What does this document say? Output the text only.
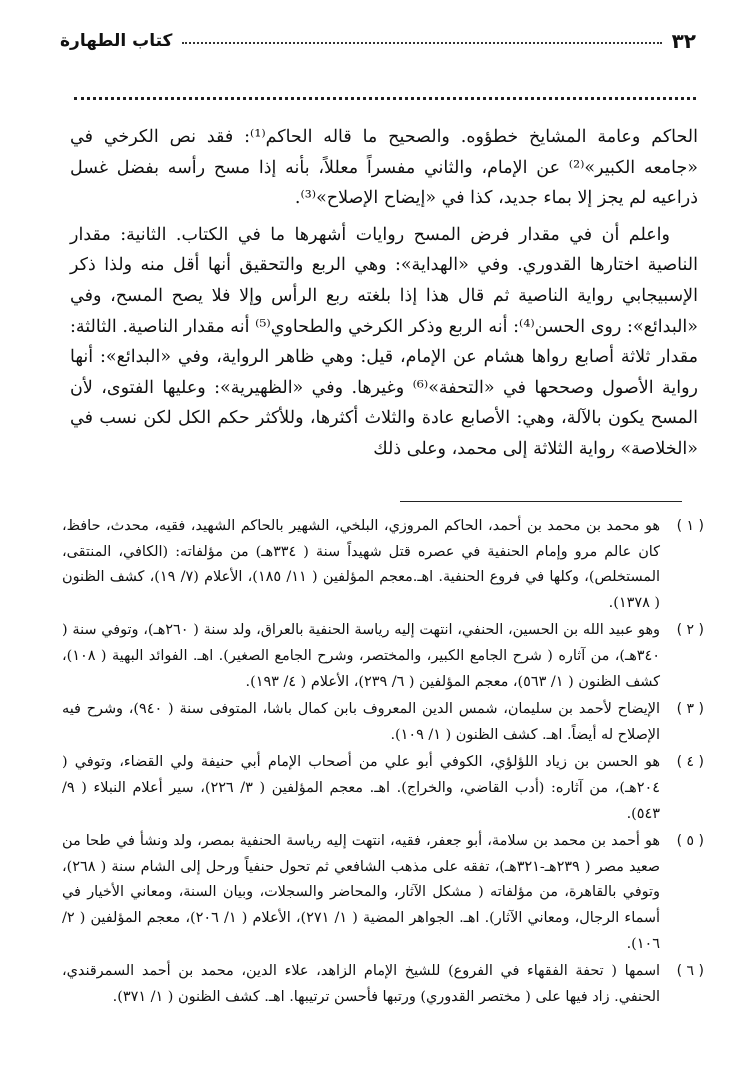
٣٢
كتاب الطهارة

الحاكم وعامة المشايخ خطؤوه. والصحيح ما قاله الحاكم⁽¹⁾: فقد نص الكرخي في «جامعه الكبير»⁽²⁾ عن الإمام، والثاني مفسراً معللاً، بأنه إذا مسح رأسه بفضل غسل ذراعيه لم يجز إلا بماء جديد، كذا في «إيضاح الإصلاح»⁽³⁾.

واعلم أن في مقدار فرض المسح روايات أشهرها ما في الكتاب. الثانية: مقدار الناصية اختارها القدوري. وفي «الهداية»: وهي الربع والتحقيق أنها أقل منه ولذا ذكر الإسبيجابي رواية الناصية ثم قال هذا إذا بلغته ربع الرأس وإلا فلا يصح المسح، وفي «البدائع»: روى الحسن⁽⁴⁾: أنه الربع وذكر الكرخي والطحاوي⁽⁵⁾ أنه مقدار الناصية. الثالثة: مقدار ثلاثة أصابع رواها هشام عن الإمام، قيل: وهي ظاهر الرواية، وفي «البدائع»: أنها رواية الأصول وصححها في «التحفة»⁽⁶⁾ وغيرها. وفي «الظهيرية»: وعليها الفتوى، لأن المسح يكون بالآلة، وهي: الأصابع عادة والثلاث أكثرها، وللأكثر حكم الكل لكن نسب في «الخلاصة» رواية الثلاثة إلى محمد، وعلى ذلك

( ١ )
هو محمد بن محمد بن أحمد، الحاكم المروزي، البلخي، الشهير بالحاكم الشهيد، فقيه، محدث، حافظ، كان عالم مرو وإمام الحنفية في عصره قتل شهيداً سنة ( ٣٣٤هـ) من مؤلفاته: (الكافي، المنتقى، المستخلص)، وكلها في فروع الحنفية. اهـ.معجم المؤلفين ( ١١/ ١٨٥)، الأعلام (٧/ ١٩)، كشف الظنون ( ١٣٧٨).
( ٢ )
وهو عبيد الله بن الحسين، الحنفي، انتهت إليه رياسة الحنفية بالعراق، ولد سنة ( ٢٦٠هـ)، وتوفي سنة ( ٣٤٠هـ)، من آثاره ( شرح الجامع الكبير، والمختصر، وشرح الجامع الصغير). اهـ. الفوائد البهية ( ١٠٨)، كشف الظنون ( ١/ ٥٦٣)، معجم المؤلفين ( ٦/ ٢٣٩)، الأعلام ( ٤/ ١٩٣).
( ٣ )
الإيضاح لأحمد بن سليمان، شمس الدين المعروف بابن كمال باشا، المتوفى سنة ( ٩٤٠)، وشرح فيه الإصلاح له أيضاً. اهـ. كشف الظنون ( ١/ ١٠٩).
( ٤ )
هو الحسن بن زياد اللؤلؤي، الكوفي أبو علي من أصحاب الإمام أبي حنيفة ولي القضاء، وتوفي ( ٢٠٤هـ)، من آثاره: (أدب القاضي، والخراج). اهـ. معجم المؤلفين ( ٣/ ٢٢٦)، سير أعلام النبلاء ( ٩/ ٥٤٣).
( ٥ )
هو أحمد بن محمد بن سلامة، أبو جعفر، فقيه، انتهت إليه رياسة الحنفية بمصر، ولد ونشأ في طحا من صعيد مصر ( ٢٣٩هـ-٣٢١هـ)، تفقه على مذهب الشافعي ثم تحول حنفياً ورحل إلى الشام سنة ( ٢٦٨)، وتوفي بالقاهرة، من مؤلفاته ( مشكل الآثار، والمحاضر والسجلات، وبيان السنة، ومعاني الأخيار في أسماء الرجال، ومعاني الآثار). اهـ. الجواهر المضية ( ١/ ٢٧١)، الأعلام ( ١/ ٢٠٦)، معجم المؤلفين ( ٢/ ١٠٦).
( ٦ )
اسمها ( تحفة الفقهاء في الفروع) للشيخ الإمام الزاهد، علاء الدين، محمد بن أحمد السمرقندي، الحنفي. زاد فيها على ( مختصر القدوري) ورتبها فأحسن ترتيبها. اهـ. كشف الظنون ( ١/ ٣٧١).
